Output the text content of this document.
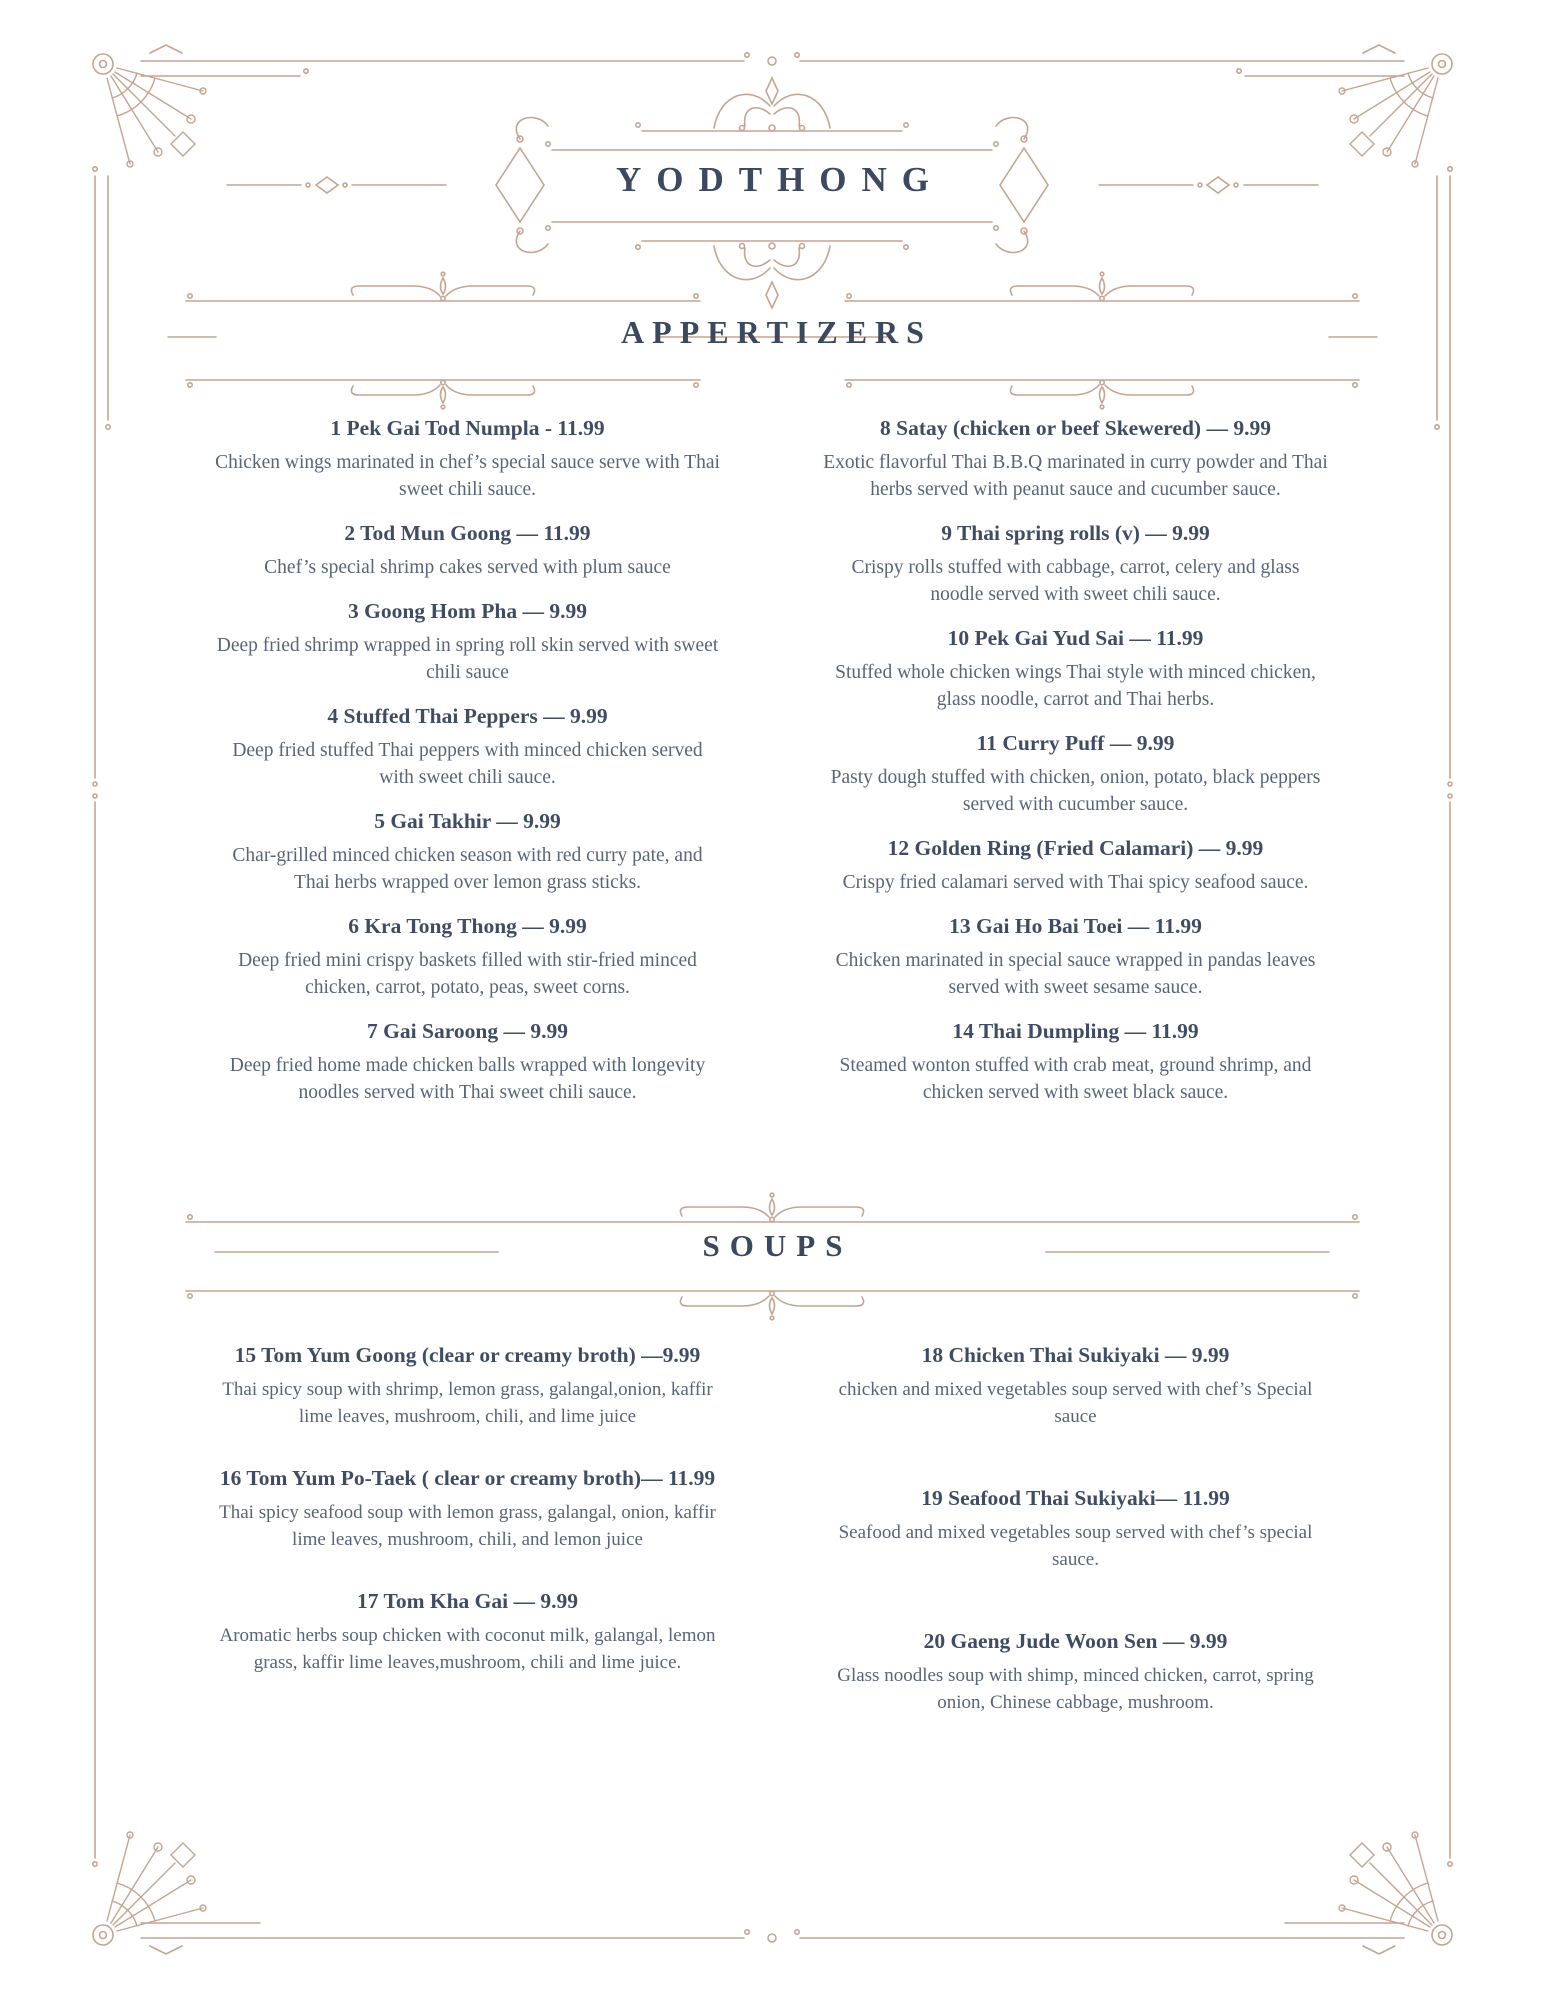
YODTHONG
APPERTIZERS
1 Pek Gai Tod Numpla - 11.99

Chicken wings marinated in chef’s special sauce serve with Thai sweet chili sauce.

2 Tod Mun Goong — 11.99

Chef’s special shrimp cakes served with plum sauce

3 Goong Hom Pha — 9.99

Deep fried shrimp wrapped in spring roll skin served with sweet chili sauce

4 Stuffed Thai Peppers — 9.99

Deep fried stuffed Thai peppers with minced chicken served with sweet chili sauce.

5 Gai Takhir — 9.99

Char-grilled minced chicken season with red curry pate, and Thai herbs wrapped over lemon grass sticks.

6 Kra Tong Thong — 9.99

Deep fried mini crispy baskets filled with stir-fried minced chicken, carrot, potato, peas, sweet corns.

7 Gai Saroong — 9.99

Deep fried home made chicken balls wrapped with longevity noodles served with Thai sweet chili sauce.

8 Satay (chicken or beef Skewered) — 9.99

Exotic flavorful Thai B.B.Q marinated in curry powder and Thai herbs served with peanut sauce and cucumber sauce.

9 Thai spring rolls (v) — 9.99

Crispy rolls stuffed with cabbage, carrot, celery and glass noodle served with sweet chili sauce.

10 Pek Gai Yud Sai — 11.99

Stuffed whole chicken wings Thai style with minced chicken, glass noodle, carrot and Thai herbs.

11 Curry Puff — 9.99

Pasty dough stuffed with chicken, onion, potato, black peppers served with cucumber sauce.

12 Golden Ring (Fried Calamari) — 9.99

Crispy fried calamari served with Thai spicy seafood sauce.

13 Gai Ho Bai Toei — 11.99

Chicken marinated in special sauce wrapped in pandas leaves served with sweet sesame sauce.

14 Thai Dumpling — 11.99

Steamed wonton stuffed with crab meat, ground shrimp, and chicken served with sweet black sauce.

SOUPS
15 Tom Yum Goong (clear or creamy broth) —9.99

Thai spicy soup with shrimp, lemon grass, galangal,onion, kaffir lime leaves, mushroom, chili, and lime juice

16 Tom Yum Po-Taek ( clear or creamy broth)— 11.99

Thai spicy seafood soup with lemon grass, galangal, onion, kaffir lime leaves, mushroom, chili, and lemon juice

17 Tom Kha Gai — 9.99

Aromatic herbs soup chicken with coconut milk, galangal, lemon grass, kaffir lime leaves,mushroom, chili and lime juice.

18 Chicken Thai Sukiyaki — 9.99

chicken and mixed vegetables soup served with chef’s Special sauce

19 Seafood Thai Sukiyaki— 11.99

Seafood and mixed vegetables soup served with chef’s special sauce.

20 Gaeng Jude Woon Sen — 9.99

Glass noodles soup with shimp, minced chicken, carrot, spring onion, Chinese cabbage, mushroom.
